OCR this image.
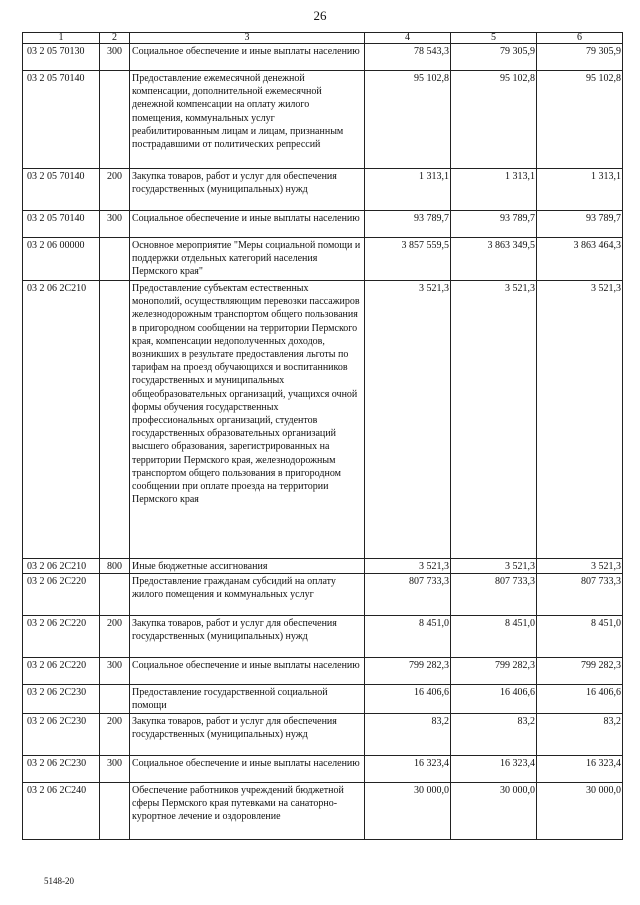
26
1	2	3	4	5	6
03 2 05 70130	300	Социальное обеспечение и иные выплаты населению	78 543,3	79 305,9	79 305,9
03 2 05 70140		Предоставление ежемесячной денежной компенсации, дополнительной ежемесячной денежной компенсации на оплату жилого помещения, коммунальных услуг реабилитированным лицам и лицам, признанным пострадавшими от политических репрессий	95 102,8	95 102,8	95 102,8
03 2 05 70140	200	Закупка товаров, работ и услуг для обеспечения государственных (муниципальных) нужд	1 313,1	1 313,1	1 313,1
03 2 05 70140	300	Социальное обеспечение и иные выплаты населению	93 789,7	93 789,7	93 789,7
03 2 06 00000		Основное мероприятие "Меры социальной помощи и поддержки отдельных категорий населения Пермского края"	3 857 559,5	3 863 349,5	3 863 464,3
03 2 06 2C210		Предоставление субъектам естественных монополий, осуществляющим перевозки пассажиров железнодорожным транспортом общего пользования в пригородном сообщении на территории Пермского края, компенсации недополученных доходов, возникших в результате предоставления льготы по тарифам на проезд обучающихся и воспитанников государственных и муниципальных общеобразовательных организаций, учащихся очной формы обучения государственных профессиональных организаций, студентов государственных образовательных организаций высшего образования, зарегистрированных на территории Пермского края, железнодорожным транспортом общего пользования в пригородном сообщении при оплате проезда на территории Пермского края	3 521,3	3 521,3	3 521,3
03 2 06 2C210	800	Иные бюджетные ассигнования	3 521,3	3 521,3	3 521,3
03 2 06 2C220		Предоставление гражданам субсидий на оплату жилого помещения и коммунальных услуг	807 733,3	807 733,3	807 733,3
03 2 06 2C220	200	Закупка товаров, работ и услуг для обеспечения государственных (муниципальных) нужд	8 451,0	8 451,0	8 451,0
03 2 06 2C220	300	Социальное обеспечение и иные выплаты населению	799 282,3	799 282,3	799 282,3
03 2 06 2C230		Предоставление государственной социальной помощи	16 406,6	16 406,6	16 406,6
03 2 06 2C230	200	Закупка товаров, работ и услуг для обеспечения государственных (муниципальных) нужд	83,2	83,2	83,2
03 2 06 2C230	300	Социальное обеспечение и иные выплаты населению	16 323,4	16 323,4	16 323,4
03 2 06 2C240		Обеспечение работников учреждений бюджетной сферы Пермского края путевками на санаторно-курортное лечение и оздоровление	30 000,0	30 000,0	30 000,0
5148-20
